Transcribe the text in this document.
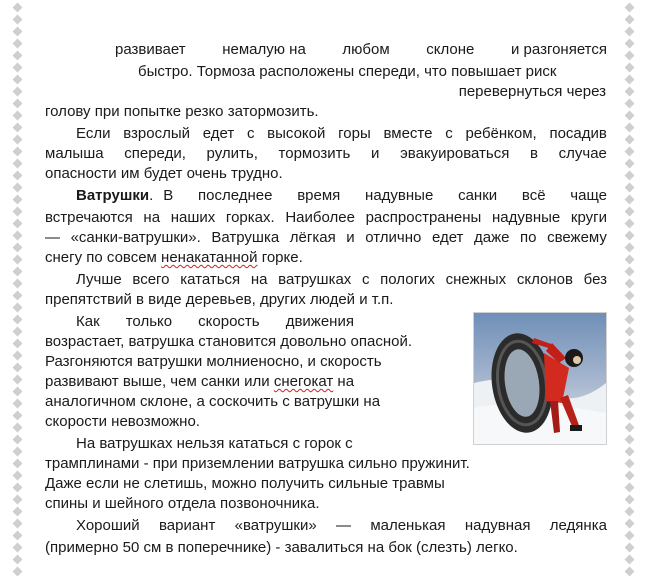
развивает немалую на любом склоне и разгоняется
быстро. Тормоза расположены спереди, что повышает риск
перевернуться через
голову при попытке резко затормозить.
Если взрослый едет с высокой горы вместе с ребёнком, посадив
малыша спереди, рулить, тормозить и эвакуироваться в случае
опасности им будет очень трудно.
Ватрушки. В последнее время надувные санки всё чаще
встречаются на наших горках. Наиболее распространены надувные круги
— «санки-ватрушки». Ватрушка лёгкая и отлично едет даже по свежему
снегу по совсем ненакатанной горке.
Лучше всего кататься на ватрушках с пологих снежных склонов без
препятствий в виде деревьев, других людей и т.п.
Как только скорость движения
возрастает, ватрушка становится довольно опасной.
Разгоняются ватрушки молниеносно, и скорость
развивают выше, чем санки или снегокат на
аналогичном склоне, а соскочить с ватрушки на
скорости невозможно.
На ватрушках нельзя кататься с горок с
трамплинами - при приземлении ватрушка сильно пружинит.
Даже если не слетишь, можно получить сильные травмы
спины и шейного отдела позвоночника.
Хороший вариант «ватрушки» — маленькая надувная ледянка
(примерно 50 см в поперечнике) - завалиться на бок (слезть) легко.
